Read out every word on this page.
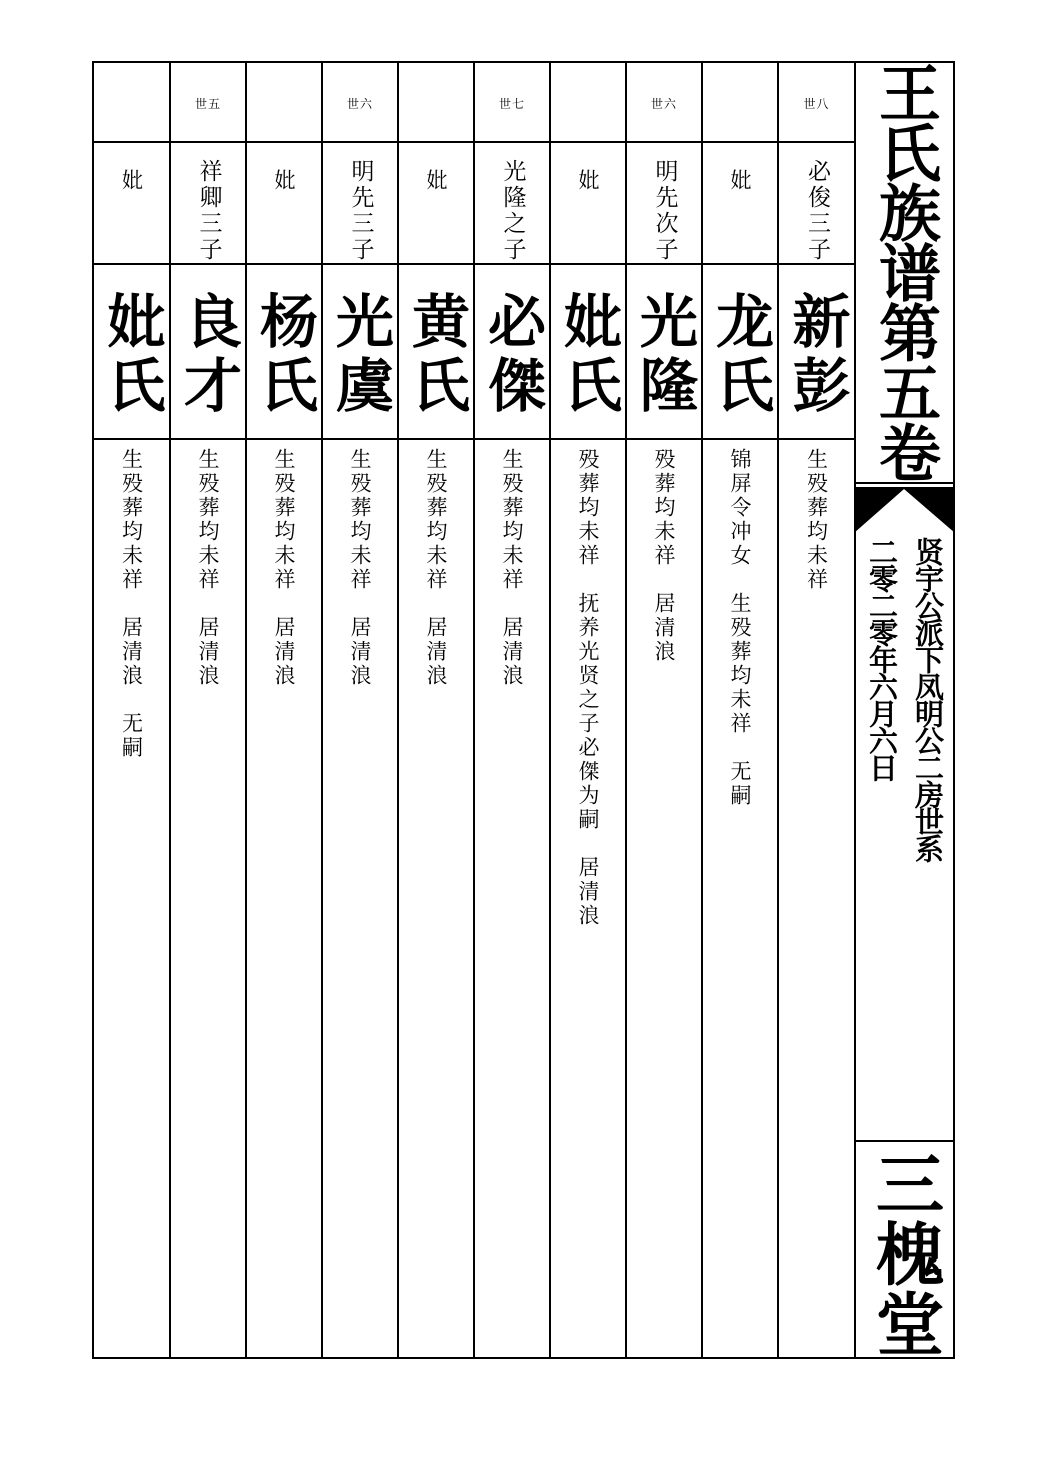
	世五		世六		世七		世六		世八

妣	祥卿三子	妣	明先三子	妣	光隆之子	妣	明先次子	妣	必俊三子

妣氏	良才	杨氏	光虞	黄氏	必傑	妣氏	光隆	龙氏	新彭

生殁葬均未祥　居清浪　无嗣	生殁葬均未祥　居清浪	生殁葬均未祥　居清浪	生殁葬均未祥　居清浪	生殁葬均未祥　居清浪	生殁葬均未祥　居清浪	殁葬均未祥　抚养光贤之子必傑为嗣　居清浪	殁葬均未祥　居清浪	锦屏令冲女　生殁葬均未祥　无嗣	生殁葬均未祥
王氏族谱第五卷
贤宇公派下凤明公二房世系
二零二零年六月六日
三槐堂
